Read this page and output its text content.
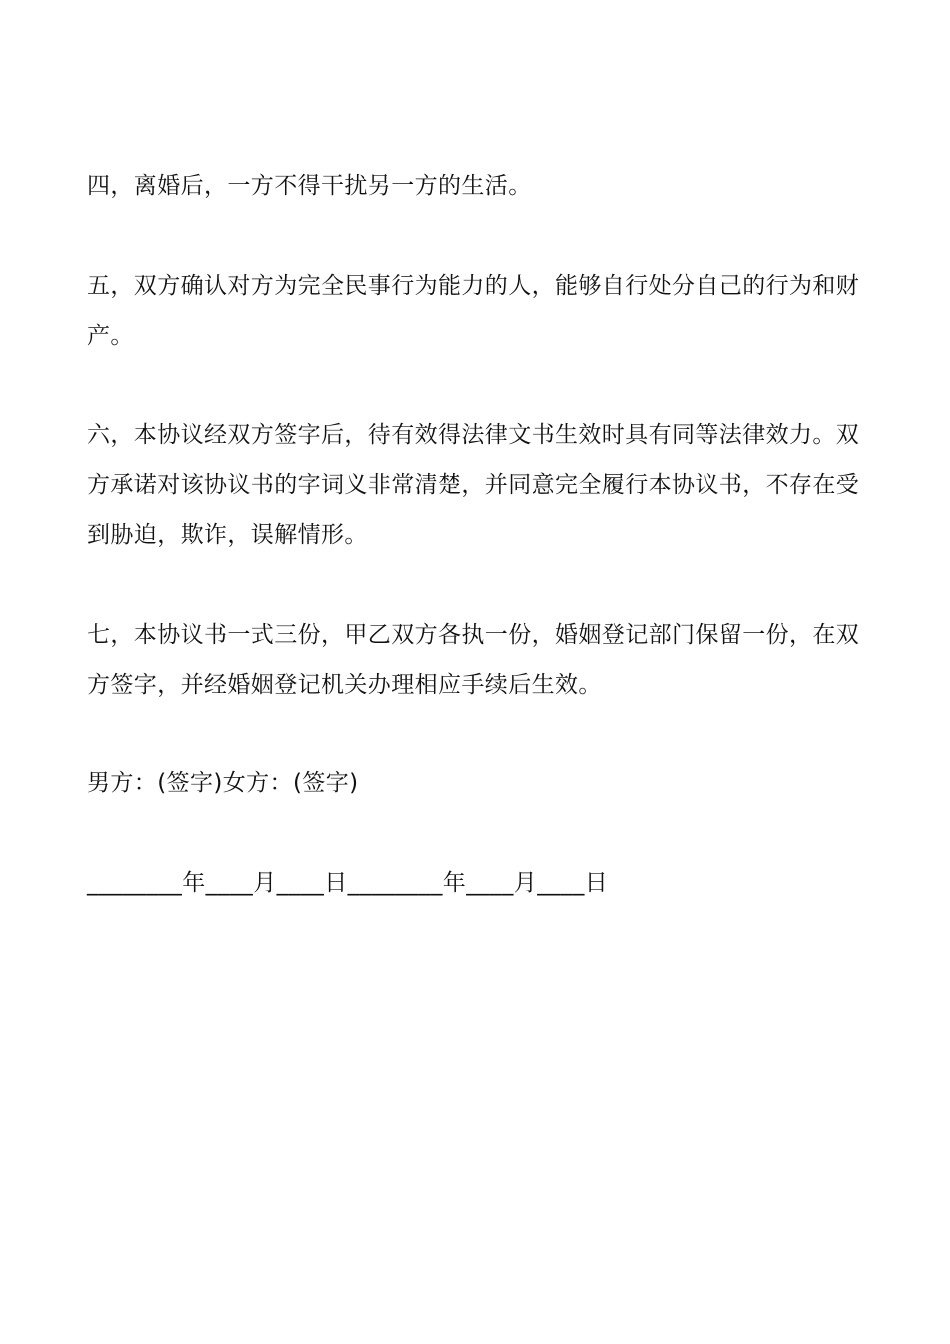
四，离婚后，一方不得干扰另一方的生活。

五，双方确认对方为完全民事行为能力的人，能够自行处分自己的行为和财产。

六，本协议经双方签字后，待有效得法律文书生效时具有同等法律效力。双方承诺对该协议书的字词义非常清楚，并同意完全履行本协议书，不存在受到胁迫，欺诈，误解情形。

七，本协议书一式三份，甲乙双方各执一份，婚姻登记部门保留一份，在双方签字，并经婚姻登记机关办理相应手续后生效。

男方：(签字)女方：(签字)

________年____月____日________年____月____日
